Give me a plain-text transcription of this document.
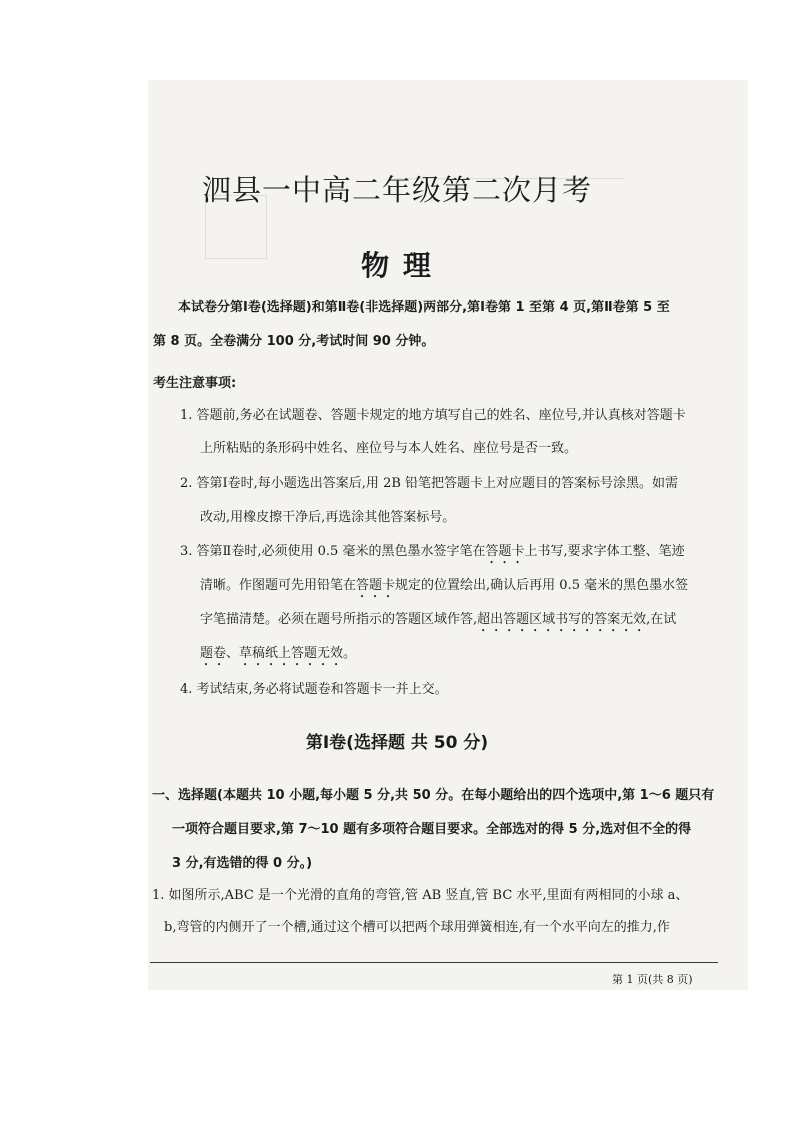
泗县一中高二年级第二次月考
物 理
本试卷分第Ⅰ卷(选择题)和第Ⅱ卷(非选择题)两部分,第Ⅰ卷第 1 至第 4 页,第Ⅱ卷第 5 至
第 8 页。全卷满分 100 分,考试时间 90 分钟。
考生注意事项:
1. 答题前,务必在试题卷、答题卡规定的地方填写自己的姓名、座位号,并认真核对答题卡
上所粘贴的条形码中姓名、座位号与本人姓名、座位号是否一致。
2. 答第Ⅰ卷时,每小题选出答案后,用 2B 铅笔把答题卡上对应题目的答案标号涂黑。如需
改动,用橡皮擦干净后,再选涂其他答案标号。
3. 答第Ⅱ卷时,必须使用 0.5 毫米的黑色墨水签字笔在答题卡上书写,要求字体工整、笔迹
清晰。作图题可先用铅笔在答题卡规定的位置绘出,确认后再用 0.5 毫米的黑色墨水签
字笔描清楚。必须在题号所指示的答题区域作答,超出答题区域书写的答案无效,在试
题卷、草稿纸上答题无效。
4. 考试结束,务必将试题卷和答题卡一并上交。
第Ⅰ卷(选择题 共 50 分)
一、选择题(本题共 10 小题,每小题 5 分,共 50 分。在每小题给出的四个选项中,第 1～6 题只有
一项符合题目要求,第 7～10 题有多项符合题目要求。全部选对的得 5 分,选对但不全的得
3 分,有选错的得 0 分。)
1. 如图所示,ABC 是一个光滑的直角的弯管,管 AB 竖直,管 BC 水平,里面有两相同的小球 a、
b,弯管的内侧开了一个槽,通过这个槽可以把两个球用弹簧相连,有一个水平向左的推力,作
第 1 页(共 8 页)
